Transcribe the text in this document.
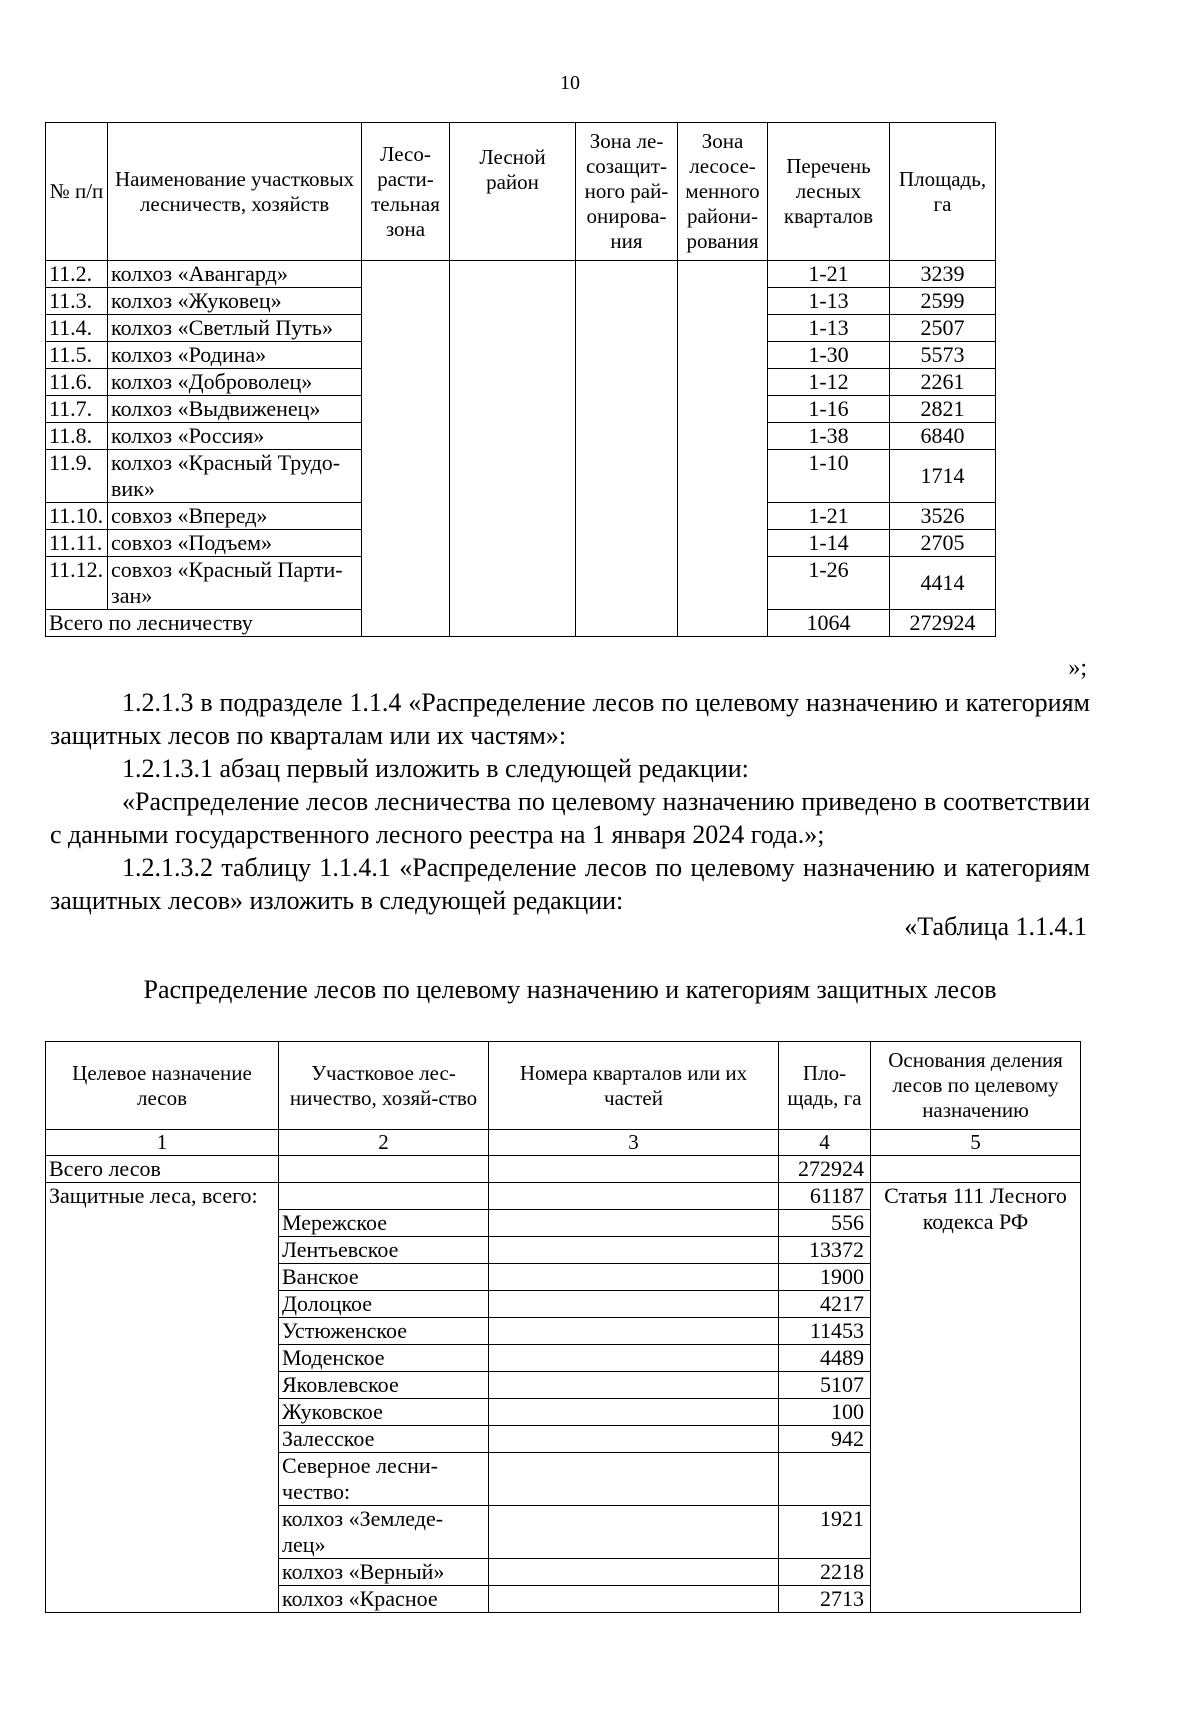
10
№ п/п	Наименование участковых лесничеств, хозяйств	Лесо-расти-тельная зона	Лесной район	Зона ле-созащит-ного рай-онирова-ния	Зона лесосе-менного райони-рования	Перечень лесных кварталов	Площадь, га
11.2.	колхоз «Авангард»					1-21	3239
11.3.	колхоз «Жуковец»					1-13	2599
11.4.	колхоз «Светлый Путь»					1-13	2507
11.5.	колхоз «Родина»					1-30	5573
11.6.	колхоз «Доброволец»					1-12	2261
11.7.	колхоз «Выдвиженец»					1-16	2821
11.8.	колхоз «Россия»					1-38	6840
11.9.	колхоз «Красный Трудо-вик»					1-10	1714
11.10.	совхоз «Вперед»					1-21	3526
11.11.	совхоз «Подъем»					1-14	2705
11.12.	совхоз «Красный Парти-зан»					1-26	4414
Всего по лесничеству						1064	272924
»;
1.2.1.3 в подразделе 1.1.4 «Распределение лесов по целевому назначению и категориям защитных лесов по кварталам или их частям»:
1.2.1.3.1 абзац первый изложить в следующей редакции:
«Распределение лесов лесничества по целевому назначению приведено в соответствии с данными государственного лесного реестра на 1 января 2024 года.»;
1.2.1.3.2 таблицу 1.1.4.1 «Распределение лесов по целевому назначению и категориям защитных лесов» изложить в следующей редакции:
«Таблица 1.1.4.1
Распределение лесов по целевому назначению и категориям защитных лесов
Целевое назначение лесов	Участковое лес-ничество, хозяй-ство	Номера кварталов или их частей	Пло-щадь, га	Основания деления лесов по целевому назначению
1	2	3	4	5
Всего лесов			272924	
Защитные леса, всего:			61187	Статья 111 Лесного кодекса РФ
	Мережское		556	
	Лентьевское		13372	
	Ванское		1900	
	Долоцкое		4217	
	Устюженское		11453	
	Моденское		4489	
	Яковлевское		5107	
	Жуковское		100	
	Залесское		942	
	Северное лесни-чество:			
	колхоз «Земледе-лец»		1921	
	колхоз «Верный»		2218	
	колхоз «Красное		2713	
